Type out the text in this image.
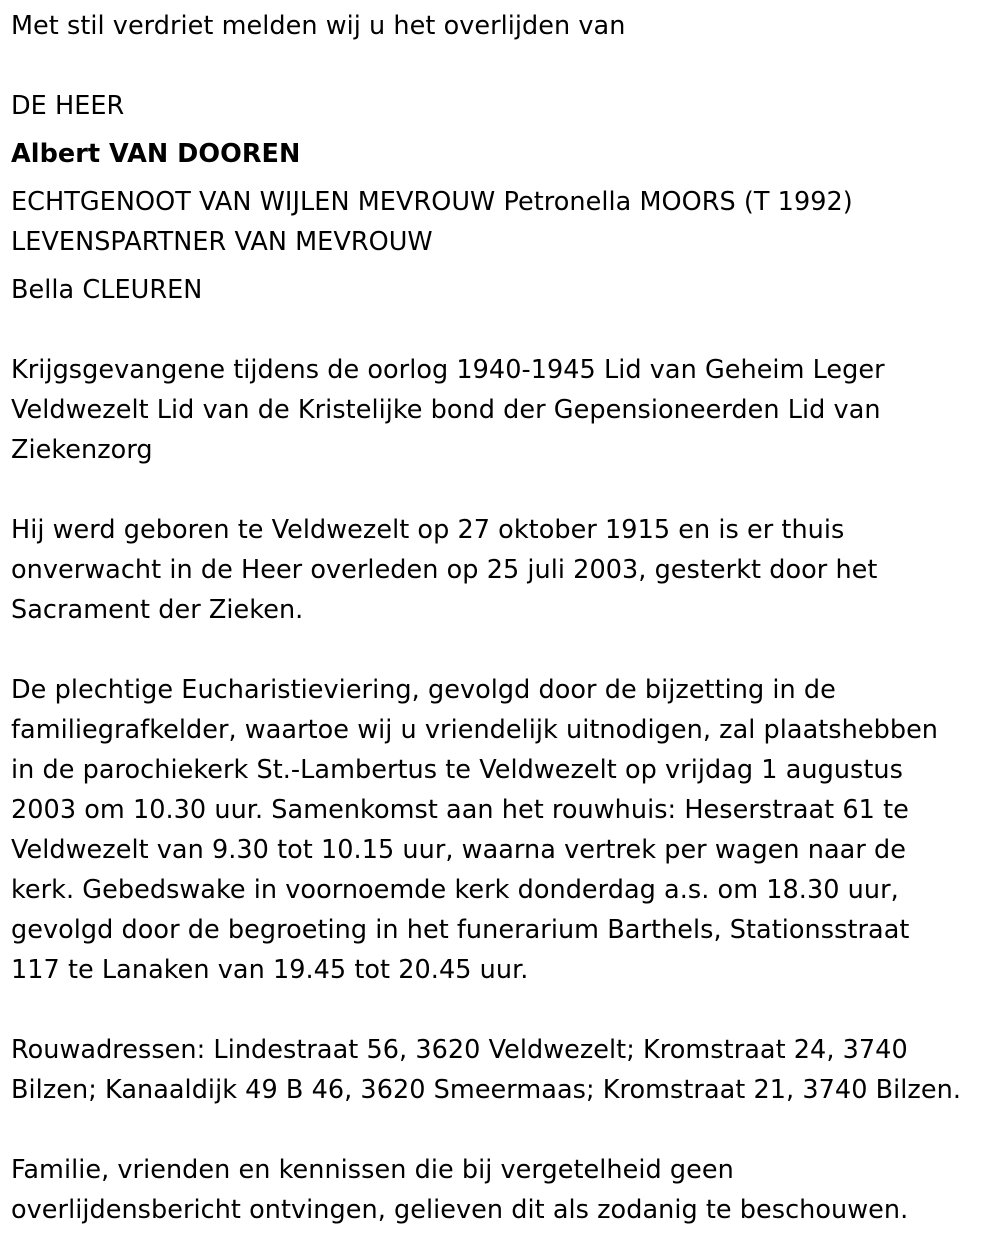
Met stil verdriet melden wij u het overlijden van

DE HEER

Albert VAN DOOREN

ECHTGENOOT VAN WIJLEN MEVROUW Petronella MOORS (T 1992)

LEVENSPARTNER VAN MEVROUW

Bella CLEUREN

Krijgsgevangene tijdens de oorlog 1940-1945 Lid van Geheim Leger

Veldwezelt Lid van de Kristelijke bond der Gepensioneerden Lid van

Ziekenzorg

Hij werd geboren te Veldwezelt op 27 oktober 1915 en is er thuis

onverwacht in de Heer overleden op 25 juli 2003, gesterkt door het

Sacrament der Zieken.

De plechtige Eucharistieviering, gevolgd door de bijzetting in de

familiegrafkelder, waartoe wij u vriendelijk uitnodigen, zal plaatshebben

in de parochiekerk St.-Lambertus te Veldwezelt op vrijdag 1 augustus

2003 om 10.30 uur. Samenkomst aan het rouwhuis: Heserstraat 61 te

Veldwezelt van 9.30 tot 10.15 uur, waarna vertrek per wagen naar de

kerk. Gebedswake in voornoemde kerk donderdag a.s. om 18.30 uur,

gevolgd door de begroeting in het funerarium Barthels, Stationsstraat

117 te Lanaken van 19.45 tot 20.45 uur.

Rouwadressen: Lindestraat 56, 3620 Veldwezelt; Kromstraat 24, 3740

Bilzen; Kanaaldijk 49 B 46, 3620 Smeermaas; Kromstraat 21, 3740 Bilzen.

Familie, vrienden en kennissen die bij vergetelheid geen

overlijdensbericht ontvingen, gelieven dit als zodanig te beschouwen.
